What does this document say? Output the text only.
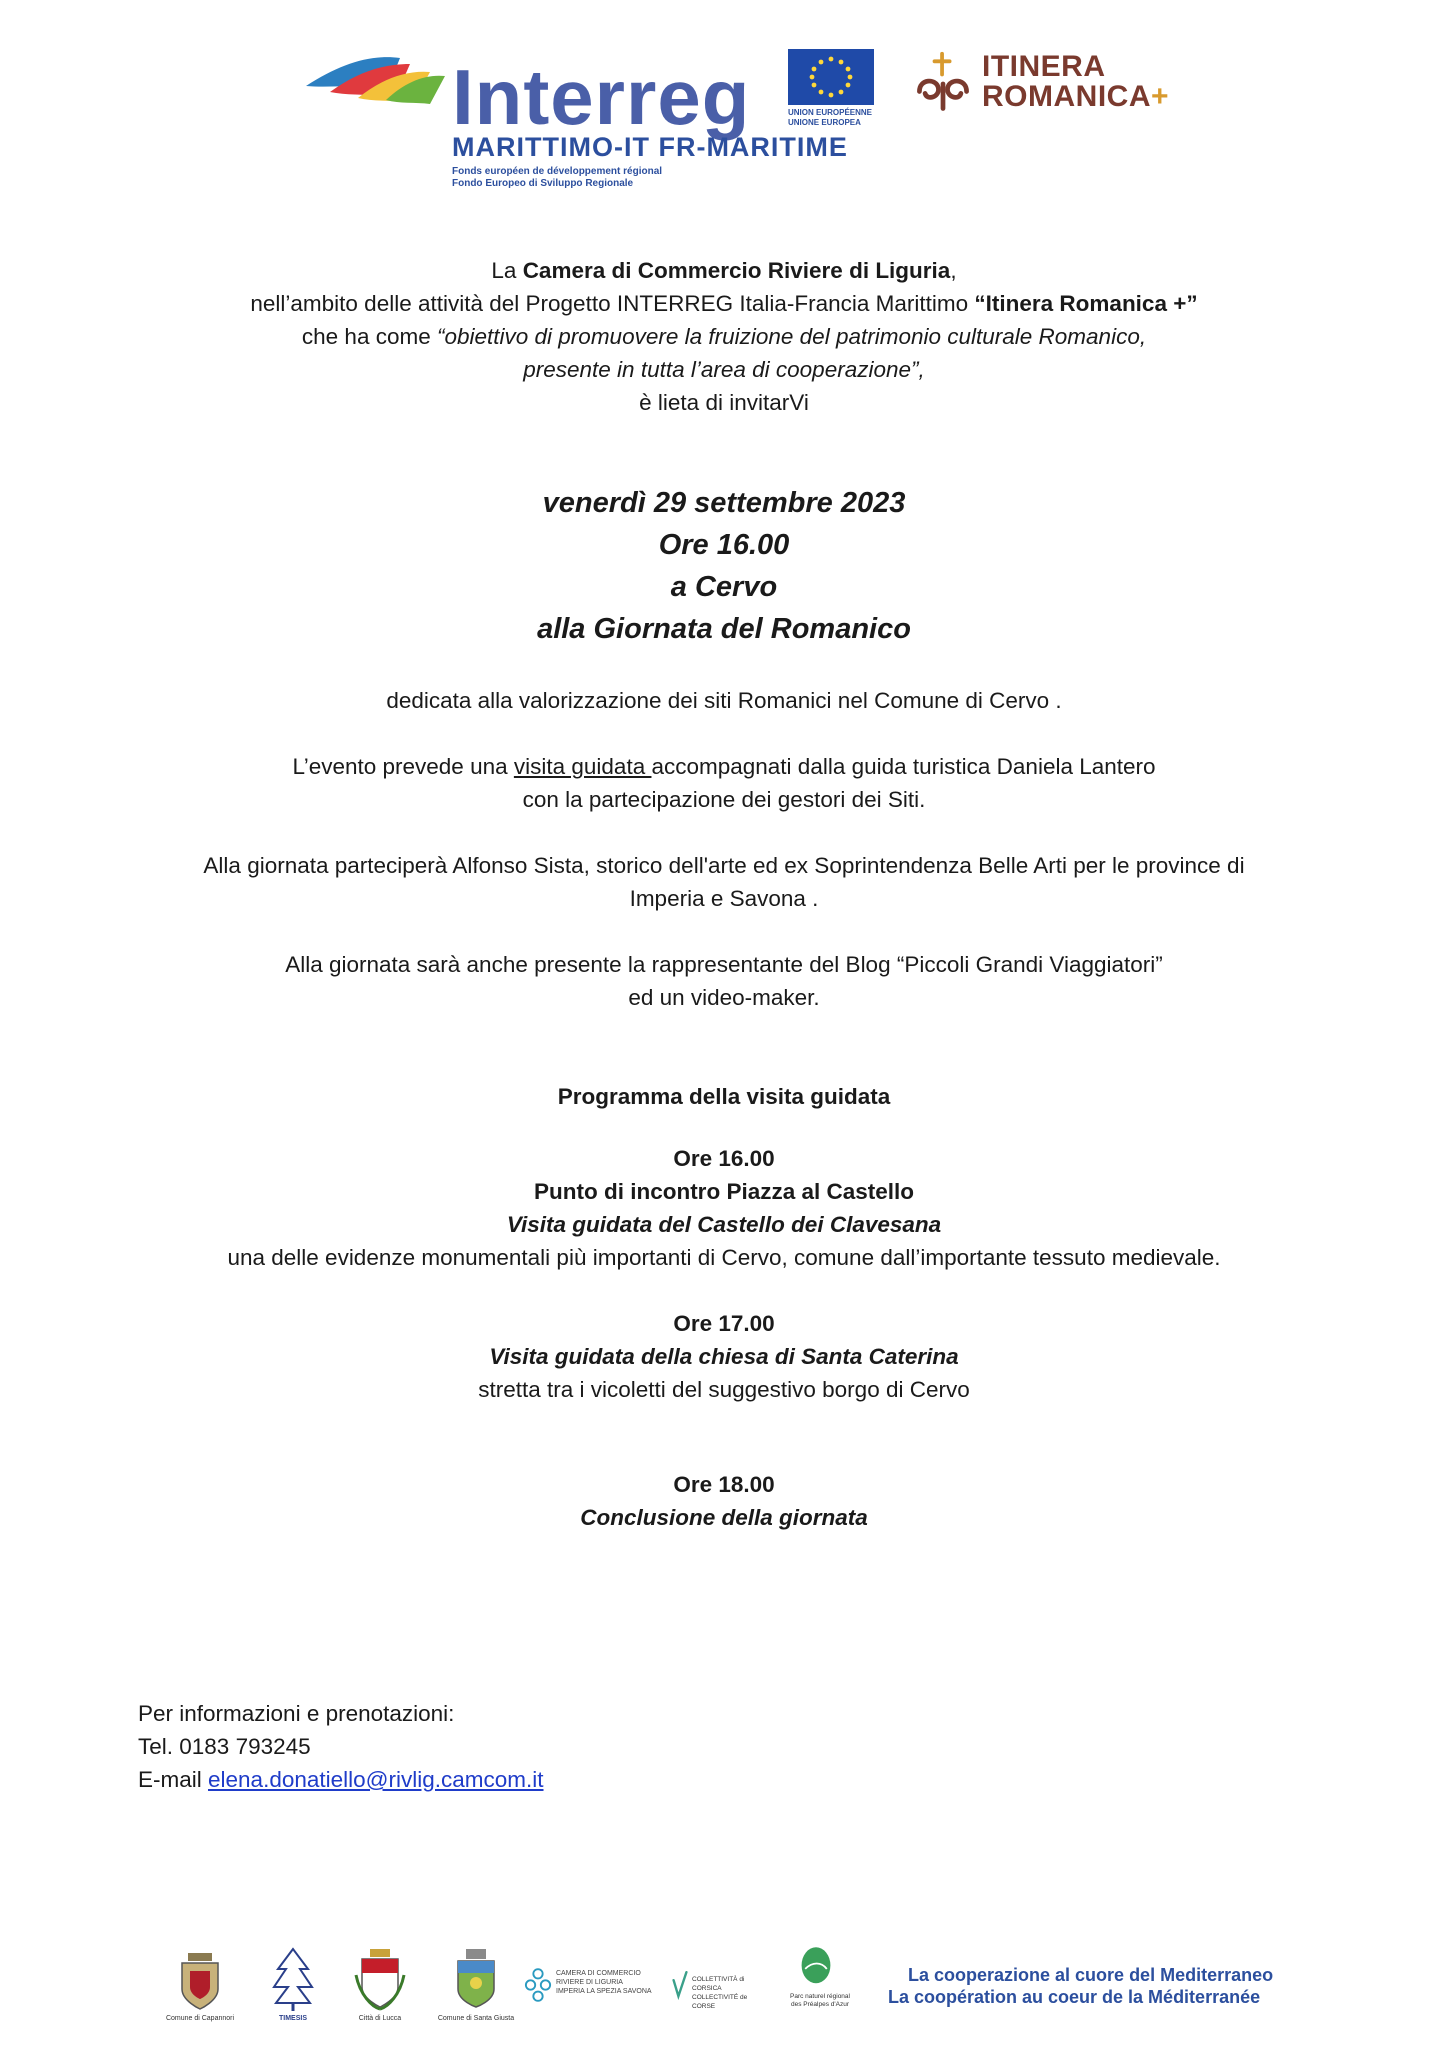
Interreg
MARITTIMO-IT FR-MARITIME
Fonds européen de développement régional
Fondo Europeo di Sviluppo Regionale
UNION EUROPÉENNE
UNIONE EUROPEA
ITINERA
ROMANICA+
La Camera di Commercio Riviere di Liguria,
nell’ambito delle attività del Progetto INTERREG Italia-Francia Marittimo “Itinera Romanica +”
che ha come “obiettivo di promuovere la fruizione del patrimonio culturale Romanico,
presente in tutta l’area di cooperazione”,
è lieta di invitarVi
venerdì 29 settembre 2023
Ore 16.00
a Cervo
alla Giornata del Romanico
dedicata alla valorizzazione dei siti Romanici nel Comune di Cervo .
L’evento prevede una visita guidata accompagnati dalla guida turistica Daniela Lantero
con la partecipazione dei gestori dei Siti.
Alla giornata parteciperà Alfonso Sista, storico dell'arte ed ex Soprintendenza Belle Arti per le province di
Imperia e Savona .
Alla giornata sarà anche presente la rappresentante del Blog “Piccoli Grandi Viaggiatori”
ed un video-maker.
Programma della visita guidata
Ore 16.00
Punto di incontro Piazza al Castello
Visita guidata del Castello dei Clavesana
una delle evidenze monumentali più importanti di Cervo, comune dall’importante tessuto medievale.
Ore 17.00
Visita guidata della chiesa di Santa Caterina
stretta tra i vicoletti del suggestivo borgo di Cervo
Ore 18.00
Conclusione della giornata
Per informazioni e prenotazioni:
Tel. 0183 793245
E-mail elena.donatiello@rivlig.camcom.it
Comune di Capannori	TIMESIS	Città di Lucca	Comune di Santa Giusta
CAMERA DI COMMERCIO RIVIERE DI LIGURIA IMPERIA LA SPEZIA SAVONA
COLLETTIVITÀ di CORSICA COLLECTIVITÉ de CORSE
Parc naturel régional des Préalpes d'Azur
La cooperazione al cuore del Mediterraneo
La coopération au coeur de la Méditerranée
